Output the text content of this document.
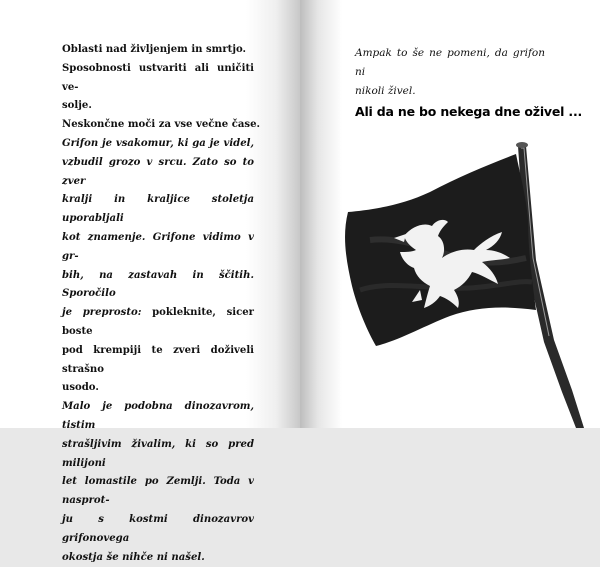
Oblasti nad življenjem in smrtjo.
Sposobnosti ustvariti ali uničiti ve-
solje.
Neskončne moči za vse večne čase.
Grifon je vsakomur, ki ga je videl,
vzbudil grozo v srcu. Zato so to zver
kralji in kraljice stoletja uporabljali
kot znamenje. Grifone vidimo v gr-
bih, na zastavah in ščitih. Sporočilo
je preprosto: pokleknite, sicer boste
pod krempiji te zveri doživeli strašno
usodo.
Malo je podobna dinozavrom, tistim
strašljivim živalim, ki so pred milijoni
let lomastile po Zemlji. Toda v nasprot-
ju s kostmi dinozavrov grifonovega
okostja še nihče ni našel.
Ampak to še ne pomeni, da grifon ni
nikoli živel.
Ali da ne bo nekega dne oživel ...
